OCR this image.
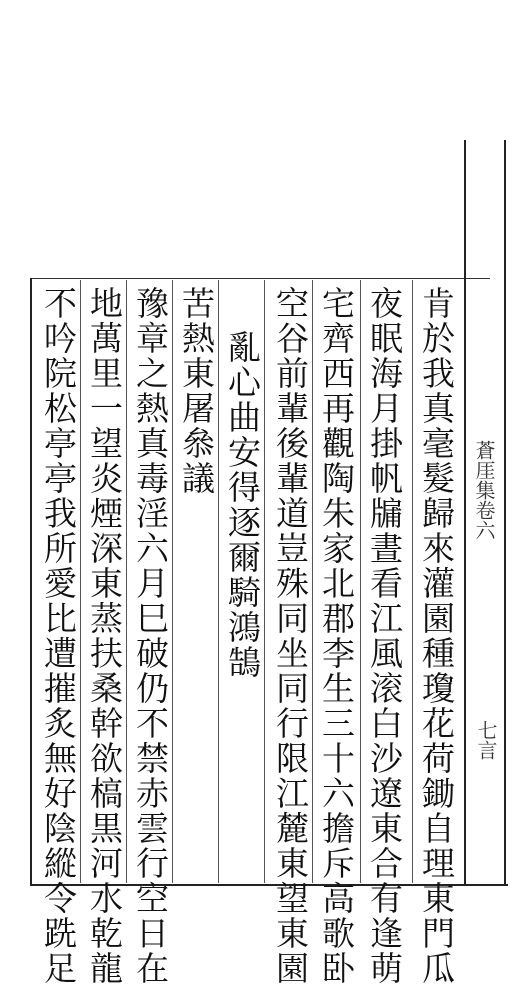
蒼厓集卷六
七言
肯於我真毫髮歸來灌園種瓊花荷鋤自理東門瓜
夜眠海月掛帆牖晝看江風滚白沙遼東合有逢萌
宅齊西再觀陶朱家北郡李生三十六擔斥高歌卧
空谷前輩後輩道豈殊同坐同行限江麓東望東園
亂心曲安得逐爾騎鴻鵠
苦熱東屠叅議
豫章之熱真毒淫六月巳破仍不禁赤雲行空日在
地萬里一望炎煙深東蒸扶桑幹欲槁黒河水乾龍
不吟院松亭亭我所愛比遭摧炙無好陰縱令跣足
